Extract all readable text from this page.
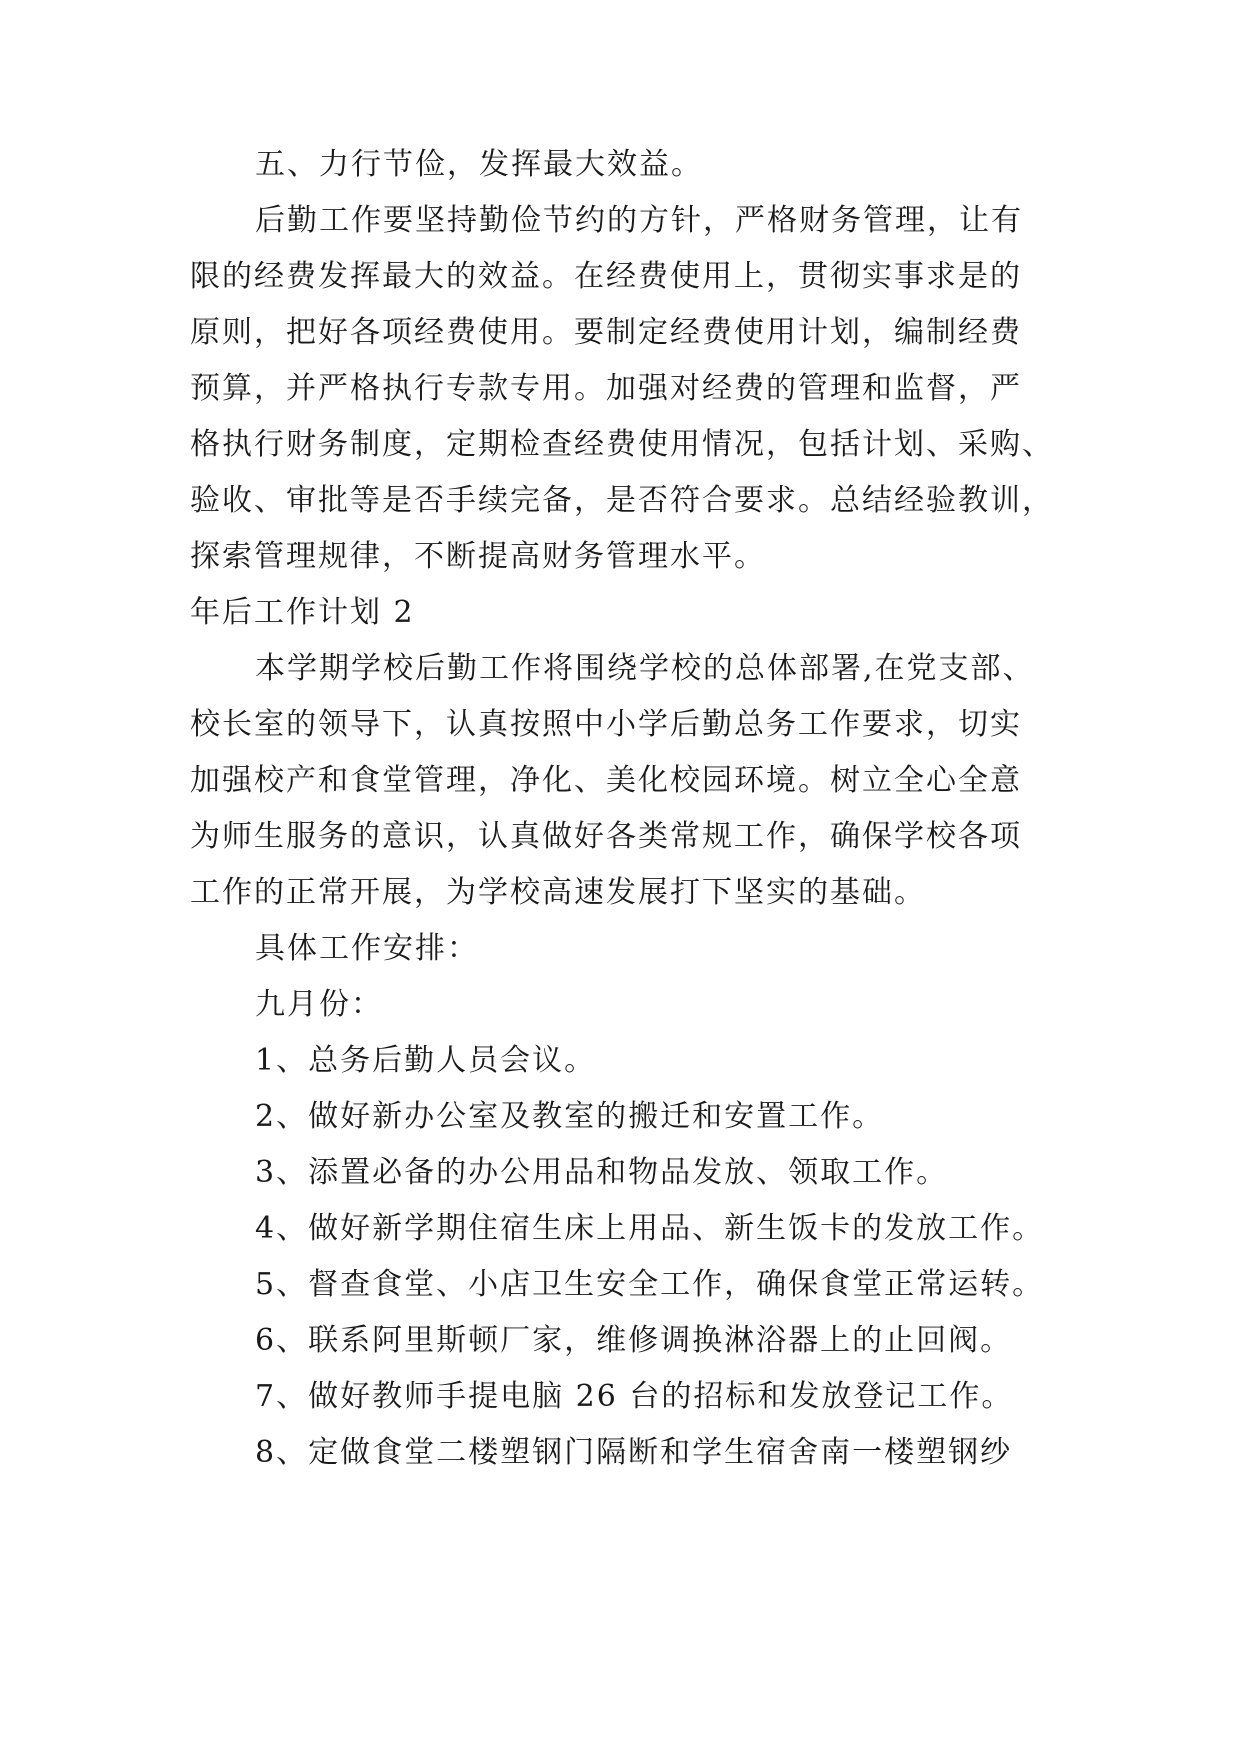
五、力行节俭，发挥最大效益。
后勤工作要坚持勤俭节约的方针，严格财务管理，让有
限的经费发挥最大的效益。在经费使用上，贯彻实事求是的
原则，把好各项经费使用。要制定经费使用计划，编制经费
预算，并严格执行专款专用。加强对经费的管理和监督，严
格执行财务制度，定期检查经费使用情况，包括计划、采购、
验收、审批等是否手续完备，是否符合要求。总结经验教训，
探索管理规律，不断提高财务管理水平。
年后工作计划 2
本学期学校后勤工作将围绕学校的总体部署,在党支部、
校长室的领导下，认真按照中小学后勤总务工作要求，切实
加强校产和食堂管理，净化、美化校园环境。树立全心全意
为师生服务的意识，认真做好各类常规工作，确保学校各项
工作的正常开展，为学校高速发展打下坚实的基础。
具体工作安排：
九月份：
1、总务后勤人员会议。
2、做好新办公室及教室的搬迁和安置工作。
3、添置必备的办公用品和物品发放、领取工作。
4、做好新学期住宿生床上用品、新生饭卡的发放工作。
5、督查食堂、小店卫生安全工作，确保食堂正常运转。
6、联系阿里斯顿厂家，维修调换淋浴器上的止回阀。
7、做好教师手提电脑 26 台的招标和发放登记工作。
8、定做食堂二楼塑钢门隔断和学生宿舍南一楼塑钢纱
